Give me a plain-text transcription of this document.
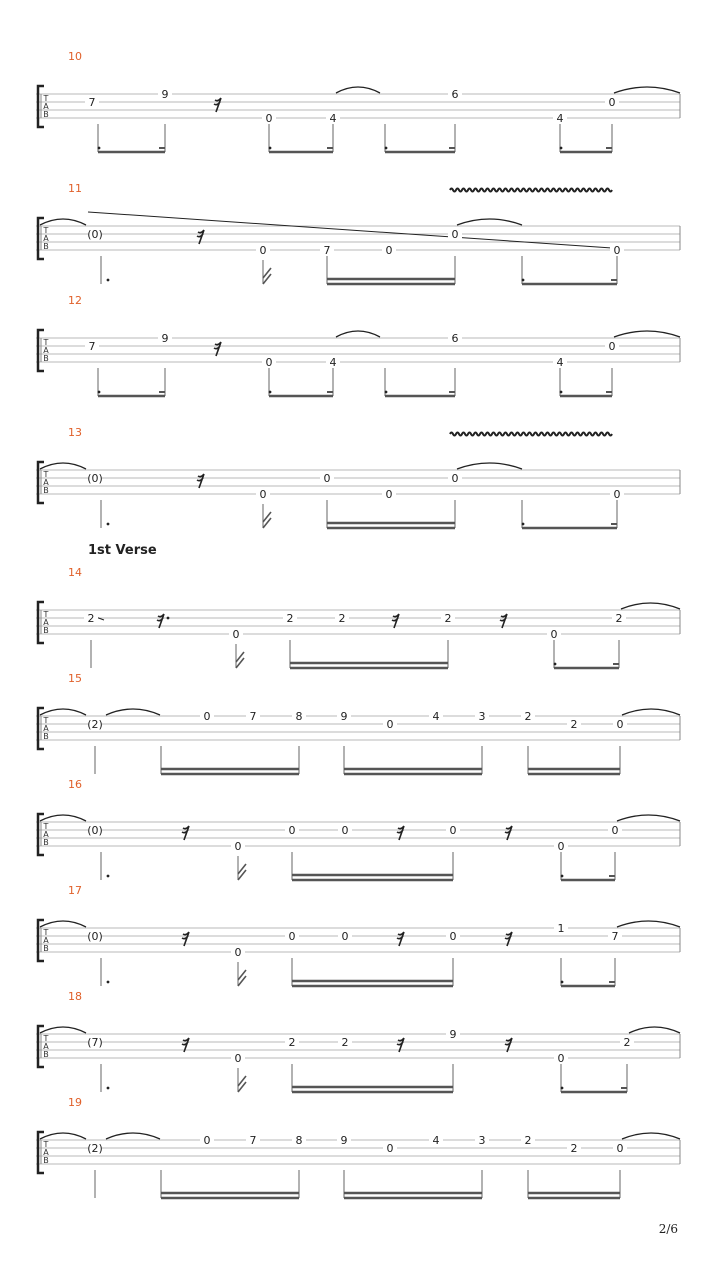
1st Verse
2/6
10
T
A
B
7
9
0	4
6
4
0
11
T
A
B
(0)
0	7	0
0
0
12
T
A
B
7
9
0	4
6
4
0
13
T
A
B
(0)
0
0
0
0
0
14
T
A
B
2
0
2	2	2
0
2
15
T
A
B
(2)
0	7	8	9
0
4	3	2
2	0
16
T
A
B
(0)
0
0	0	0
0
0
17
T
A
B
(0)
0
0	0	0
1
7
18
T
A
B
(7)
0
2	2
9
0
2
19
T
A
B
(2)
0	7	8	9
0
4	3	2
2	0
